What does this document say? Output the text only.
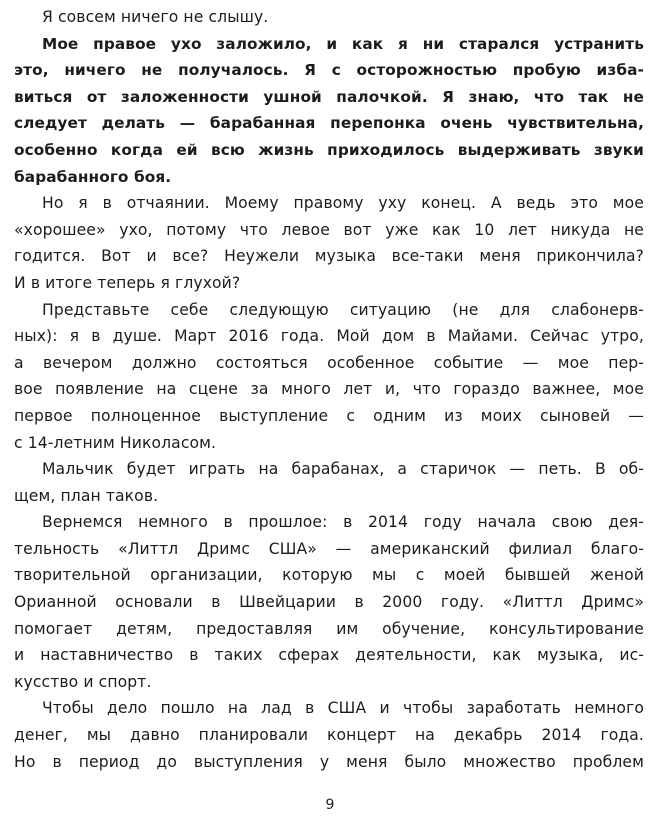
Я совсем ничего не слышу.
Мое правое ухо заложило, и как я ни старался устранить
это, ничего не получалось. Я с осторожностью пробую изба-
виться от заложенности ушной палочкой. Я знаю, что так не
следует делать — барабанная перепонка очень чувствительна,
особенно когда ей всю жизнь приходилось выдерживать звуки
барабанного боя.
Но я в отчаянии. Моему правому уху конец. А ведь это мое
«хорошее» ухо, потому что левое вот уже как 10 лет никуда не
годится. Вот и все? Неужели музыка все-таки меня прикончила?
И в итоге теперь я глухой?
Представьте себе следующую ситуацию (не для слабонерв-
ных): я в душе. Март 2016 года. Мой дом в Майами. Сейчас утро,
а вечером должно состояться особенное событие — мое пер-
вое появление на сцене за много лет и, что гораздо важнее, мое
первое полноценное выступление с одним из моих сыновей —
с 14-летним Николасом.
Мальчик будет играть на барабанах, а старичок — петь. В об-
щем, план таков.
Вернемся немного в прошлое: в 2014 году начала свою дея-
тельность «Литтл Дримс США» — американский филиал благо-
творительной организации, которую мы с моей бывшей женой
Орианной основали в Швейцарии в 2000 году. «Литтл Дримс»
помогает детям, предоставляя им обучение, консультирование
и наставничество в таких сферах деятельности, как музыка, ис-
кусство и спорт.
Чтобы дело пошло на лад в США и чтобы заработать немного
денег, мы давно планировали концерт на декабрь 2014 года.
Но в период до выступления у меня было множество проблем
9
